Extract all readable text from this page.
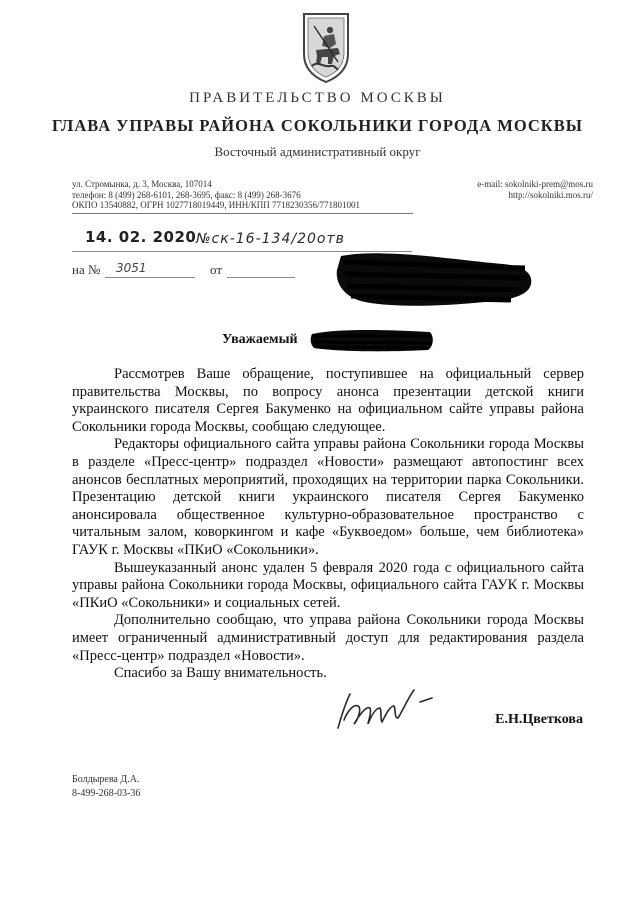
ПРАВИТЕЛЬСТВО МОСКВЫ
ГЛАВА УПРАВЫ РАЙОНА СОКОЛЬНИКИ ГОРОДА МОСКВЫ
Восточный административный округ
ул. Стромынка, д. 3, Москва, 107014
телефон: 8 (499) 268-6101, 268-3695, факс: 8 (499) 268-3676
ОКПО 13540882, ОГРН 1027718019449, ИНН/КПП 7718230356/771801001
e-mail: sokolniki-prem@mos.ru
http://sokolniki.mos.ru/
14. 02. 2020 №ск-16-134/20отв
на № 3051	от
Уважаемый

Рассмотрев Ваше обращение, поступившее на официальный сервер правительства Москвы, по вопросу анонса презентации детской книги украинского писателя Сергея Бакуменко на официальном сайте управы района Сокольники города Москвы, сообщаю следующее.

Редакторы официального сайта управы района Сокольники города Москвы в разделе «Пресс-центр» подраздел «Новости» размещают автопостинг всех анонсов бесплатных мероприятий, проходящих на территории парка Сокольники. Презентацию детской книги украинского писателя Сергея Бакуменко анонсировала общественное культурно-образовательное пространство с читальным залом, коворкингом и кафе «Буквоедом» больше, чем библиотека» ГАУК г. Москвы «ПКиО «Сокольники».

Вышеуказанный анонс удален 5 февраля 2020 года с официального сайта управы района Сокольники города Москвы, официального сайта ГАУК г. Москвы «ПКиО «Сокольники» и социальных сетей.

Дополнительно сообщаю, что управа района Сокольники города Москвы имеет ограниченный административный доступ для редактирования раздела «Пресс-центр» подраздел «Новости».

Спасибо за Вашу внимательность.

Е.Н.Цветкова
Болдырева Д.А.
8-499-268-03-36
